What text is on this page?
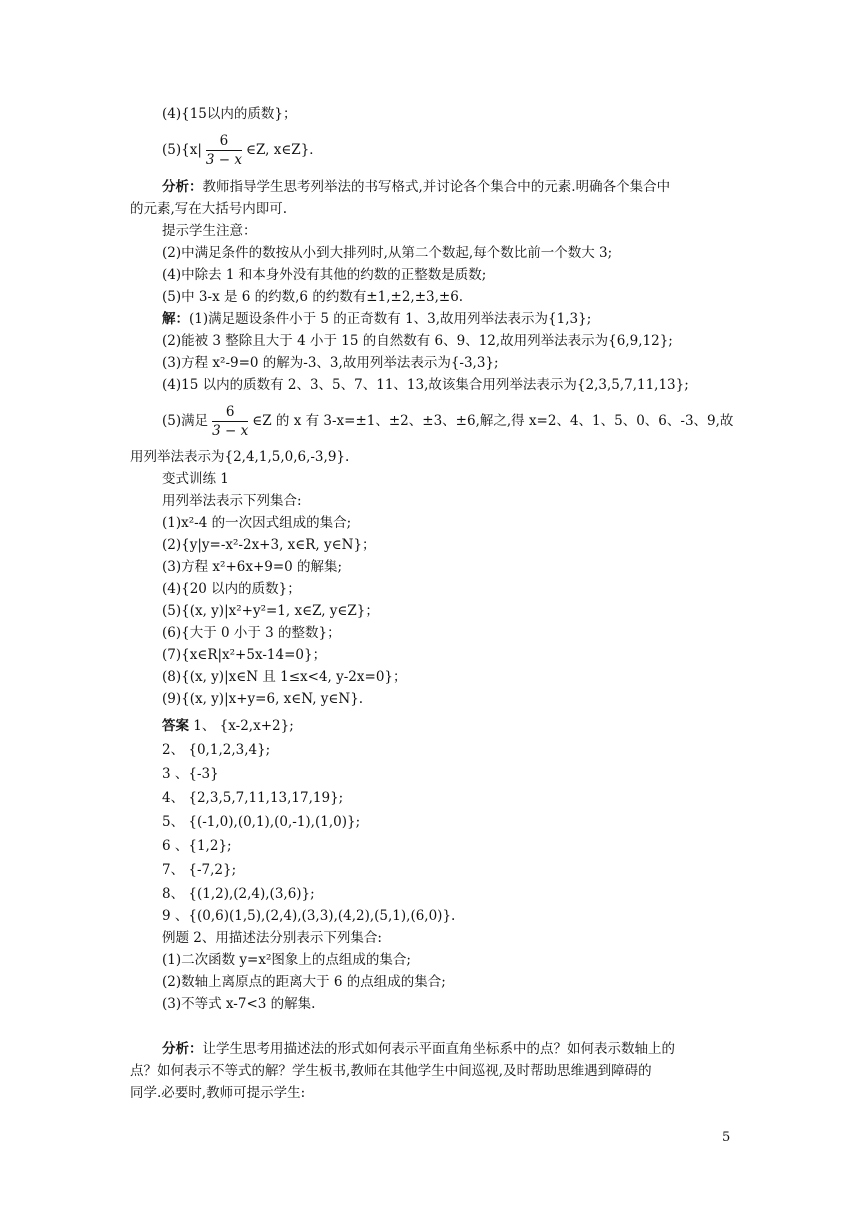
(4){15以内的质数}；
$(5)\{x| \frac{6}{3 - x}$ ∈Z, x∈Z}．
分析：教师指导学生思考列举法的书写格式,并讨论各个集合中的元素.明确各个集合中
的元素,写在大括号内即可.
提示学生注意：
(2)中满足条件的数按从小到大排列时,从第二个数起,每个数比前一个数大 3;
(4)中除去 1 和本身外没有其他的约数的正整数是质数;
(5)中 3-x 是 6 的约数,6 的约数有±1,±2,±3,±6.
解：(1)满足题设条件小于 5 的正奇数有 1、3,故用列举法表示为{1,3};
(2)能被 3 整除且大于 4 小于 15 的自然数有 6、9、12,故用列举法表示为{6,9,12};
(3)方程 x²-9=0 的解为-3、3,故用列举法表示为{-3,3};
(4)15 以内的质数有 2、3、5、7、11、13,故该集合用列举法表示为{2,3,5,7,11,13};
(5)满足 $\frac{6}{3 - x}$ ∈Z 的 x 有 3-x=±1、±2、±3、±6,解之,得 x=2、4、1、5、0、6、-3、9,故
用列举法表示为{2,4,1,5,0,6,-3,9}.
变式训练 1
用列举法表示下列集合:
(1)x²-4 的一次因式组成的集合;
(2){y|y=-x²-2x+3, x∈R, y∈N}；
(3)方程 x²+6x+9=0 的解集;
(4){20 以内的质数}；
(5){(x, y)|x²+y²=1, x∈Z, y∈Z}；
(6){大于 0 小于 3 的整数}；
(7){x∈R|x²+5x-14=0}；
(8){(x, y)|x∈N 且 1≤x<4, y-2x=0}；
(9){(x, y)|x+y=6, x∈N, y∈N}.
答案 1、 {x-2,x+2};
2、 {0,1,2,3,4};
3 、{-3}
4、 {2,3,5,7,11,13,17,19};
5、 {(-1,0),(0,1),(0,-1),(1,0)};
6 、{1,2};
7、 {-7,2};
8、 {(1,2),(2,4),(3,6)};
9 、{(0,6)(1,5),(2,4),(3,3),(4,2),(5,1),(6,0)}.
例题 2、用描述法分别表示下列集合:
(1)二次函数 y=x²图象上的点组成的集合;
(2)数轴上离原点的距离大于 6 的点组成的集合;
(3)不等式 x-7<3 的解集.
分析：让学生思考用描述法的形式如何表示平面直角坐标系中的点？如何表示数轴上的
点？如何表示不等式的解？学生板书,教师在其他学生中间巡视,及时帮助思维遇到障碍的
同学.必要时,教师可提示学生:
5
